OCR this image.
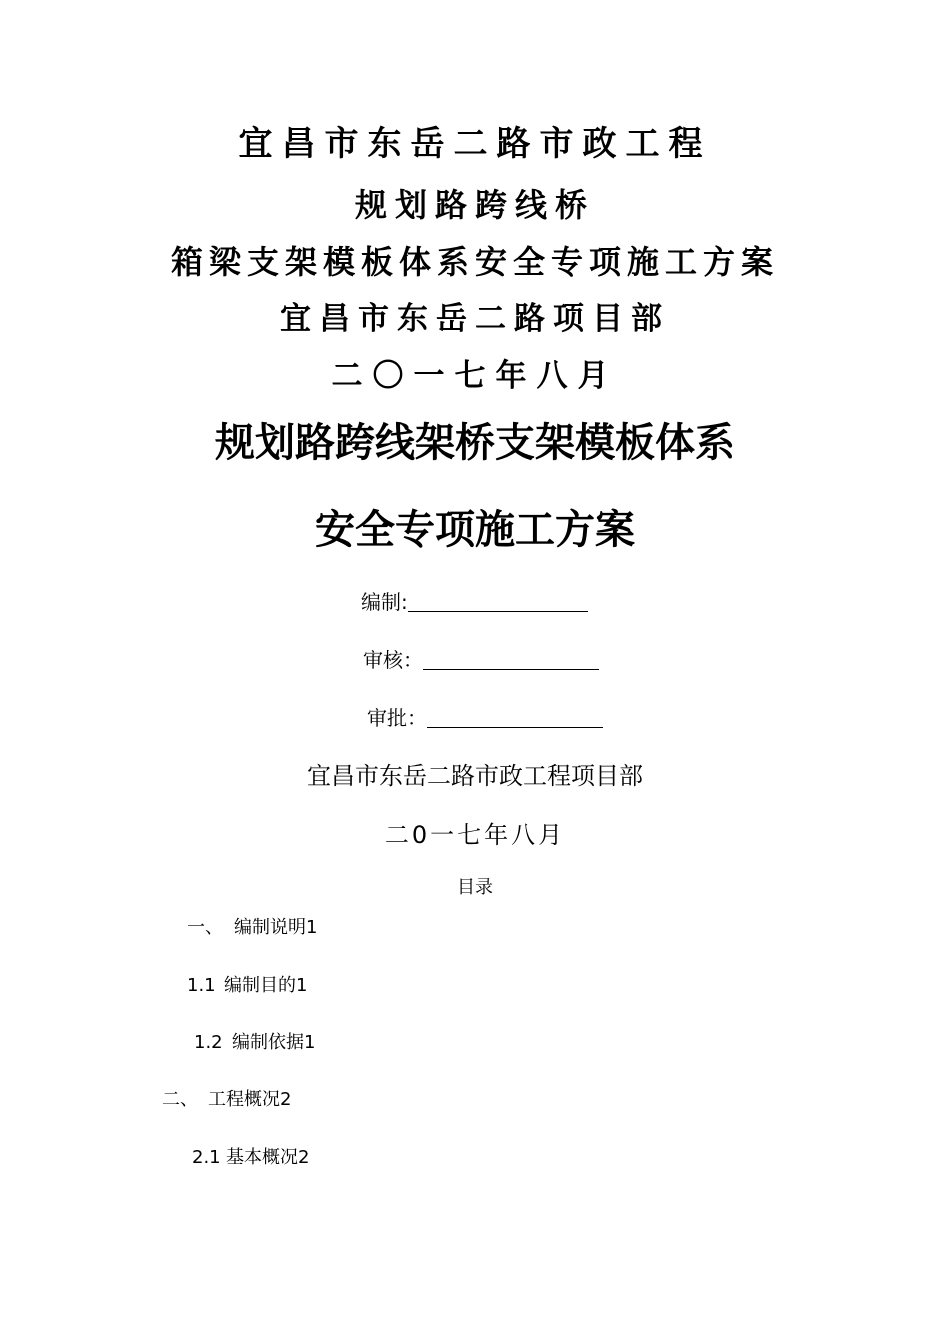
宜昌市东岳二路市政工程
规划路跨线桥
箱梁支架模板体系安全专项施工方案
宜昌市东岳二路项目部
二〇一七年八月
规划路跨线架桥支架模板体系
安全专项施工方案
编制:
审核：
审批：
宜昌市东岳二路市政工程项目部
二0一七年八月
目录
一、 编制说明1
1.1 编制目的1
1.2 编制依据1
二、 工程概况2
2.1 基本概况2
